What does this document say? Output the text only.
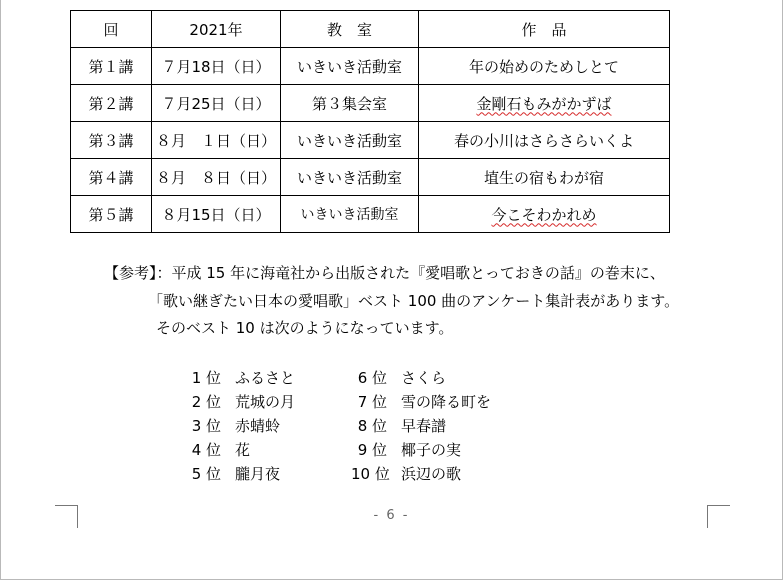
回	2021年	教　室	作　品
第１講	７月18日（日）	いきいき活動室	年の始めのためしとて
第２講	７月25日（日）	第３集会室	金剛石もみがかずば
第３講	８月　１日（日）	いきいき活動室	春の小川はさらさらいくよ
第４講	８月　８日（日）	いきいき活動室	埴生の宿もわが宿
第５講	８月15日（日）	いきいき活動室	今こそわかれめ
【参考】：平成 15 年に海竜社から出版された『愛唱歌とっておきの話』の巻末に、
「歌い継ぎたい日本の愛唱歌」ベスト 100 曲のアンケート集計表があります。
そのベスト 10 は次のようになっています。
1 位 ふるさと	6 位 さくら
2 位 荒城の月	7 位 雪の降る町を
3 位 赤蜻蛉	8 位 早春譜
4 位 花	9 位 椰子の実
5 位 朧月夜	10 位 浜辺の歌
- 6 -
